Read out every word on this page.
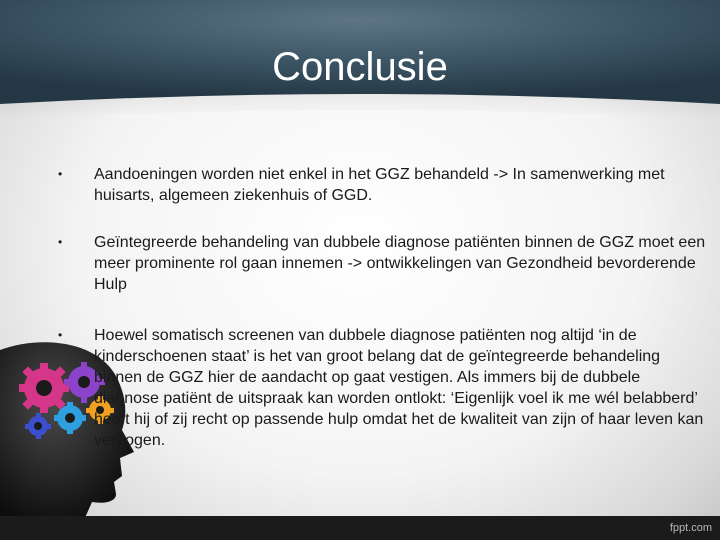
Conclusie
• Aandoeningen worden niet enkel in het GGZ behandeld -> In samenwerking met huisarts, algemeen ziekenhuis of GGD.
• Geïntegreerde behandeling van dubbele diagnose patiënten binnen de GGZ moet een meer prominente rol gaan innemen -> ontwikkelingen van Gezondheid bevorderende Hulp
• Hoewel somatisch screenen van dubbele diagnose patiënten nog altijd ‘in de kinderschoenen staat’ is het van groot belang dat de geïntegreerde behandeling binnen de GGZ hier de aandacht op gaat vestigen. Als immers bij de dubbele diagnose patiënt de uitspraak kan worden ontlokt: ‘Eigenlijk voel ik me wél belabberd’ heeft hij of zij recht op passende hulp omdat het de kwaliteit van zijn of haar leven kan verhogen.
fppt.com
